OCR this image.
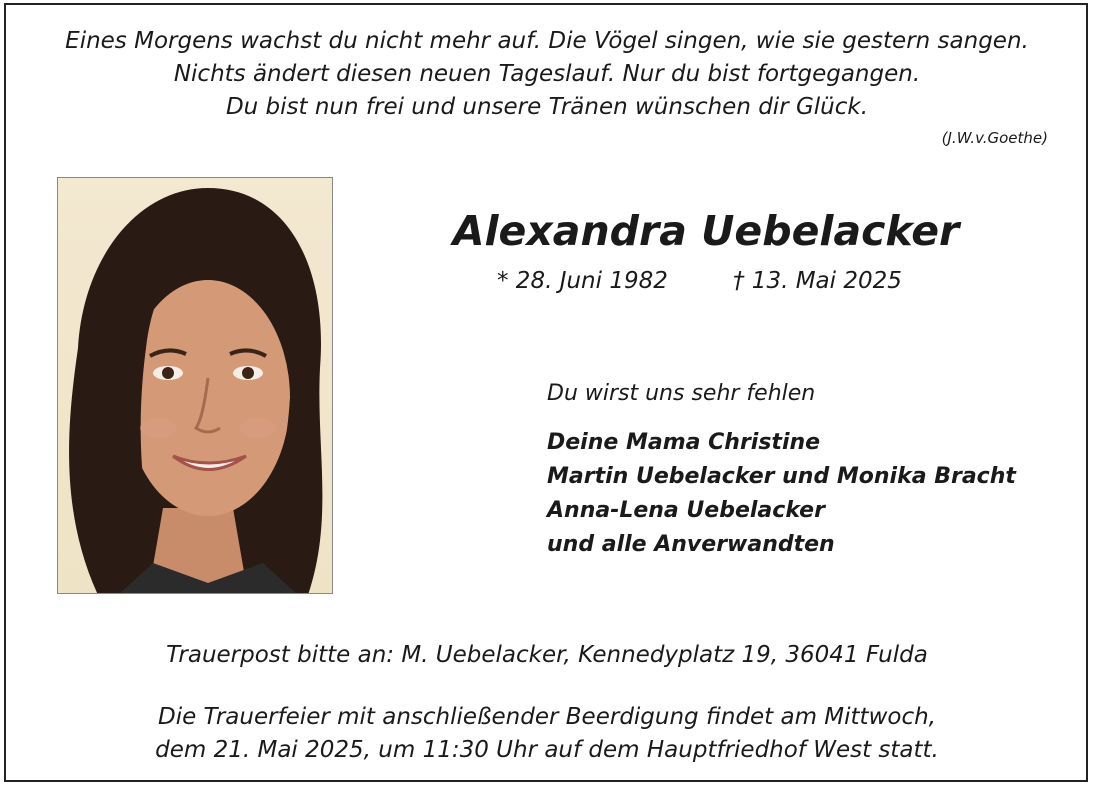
Eines Morgens wachst du nicht mehr auf. Die Vögel singen, wie sie gestern sangen.
Nichts ändert diesen neuen Tageslauf. Nur du bist fortgegangen.
Du bist nun frei und unsere Tränen wünschen dir Glück.
(J.W.v.Goethe)
Alexandra Uebelacker
* 28. Juni 1982	† 13. Mai 2025
Du wirst uns sehr fehlen
Deine Mama Christine
Martin Uebelacker und Monika Bracht
Anna-Lena Uebelacker
und alle Anverwandten
Trauerpost bitte an: M. Uebelacker, Kennedyplatz 19, 36041 Fulda
Die Trauerfeier mit anschließender Beerdigung findet am Mittwoch,
dem 21. Mai 2025, um 11:30 Uhr auf dem Hauptfriedhof West statt.
